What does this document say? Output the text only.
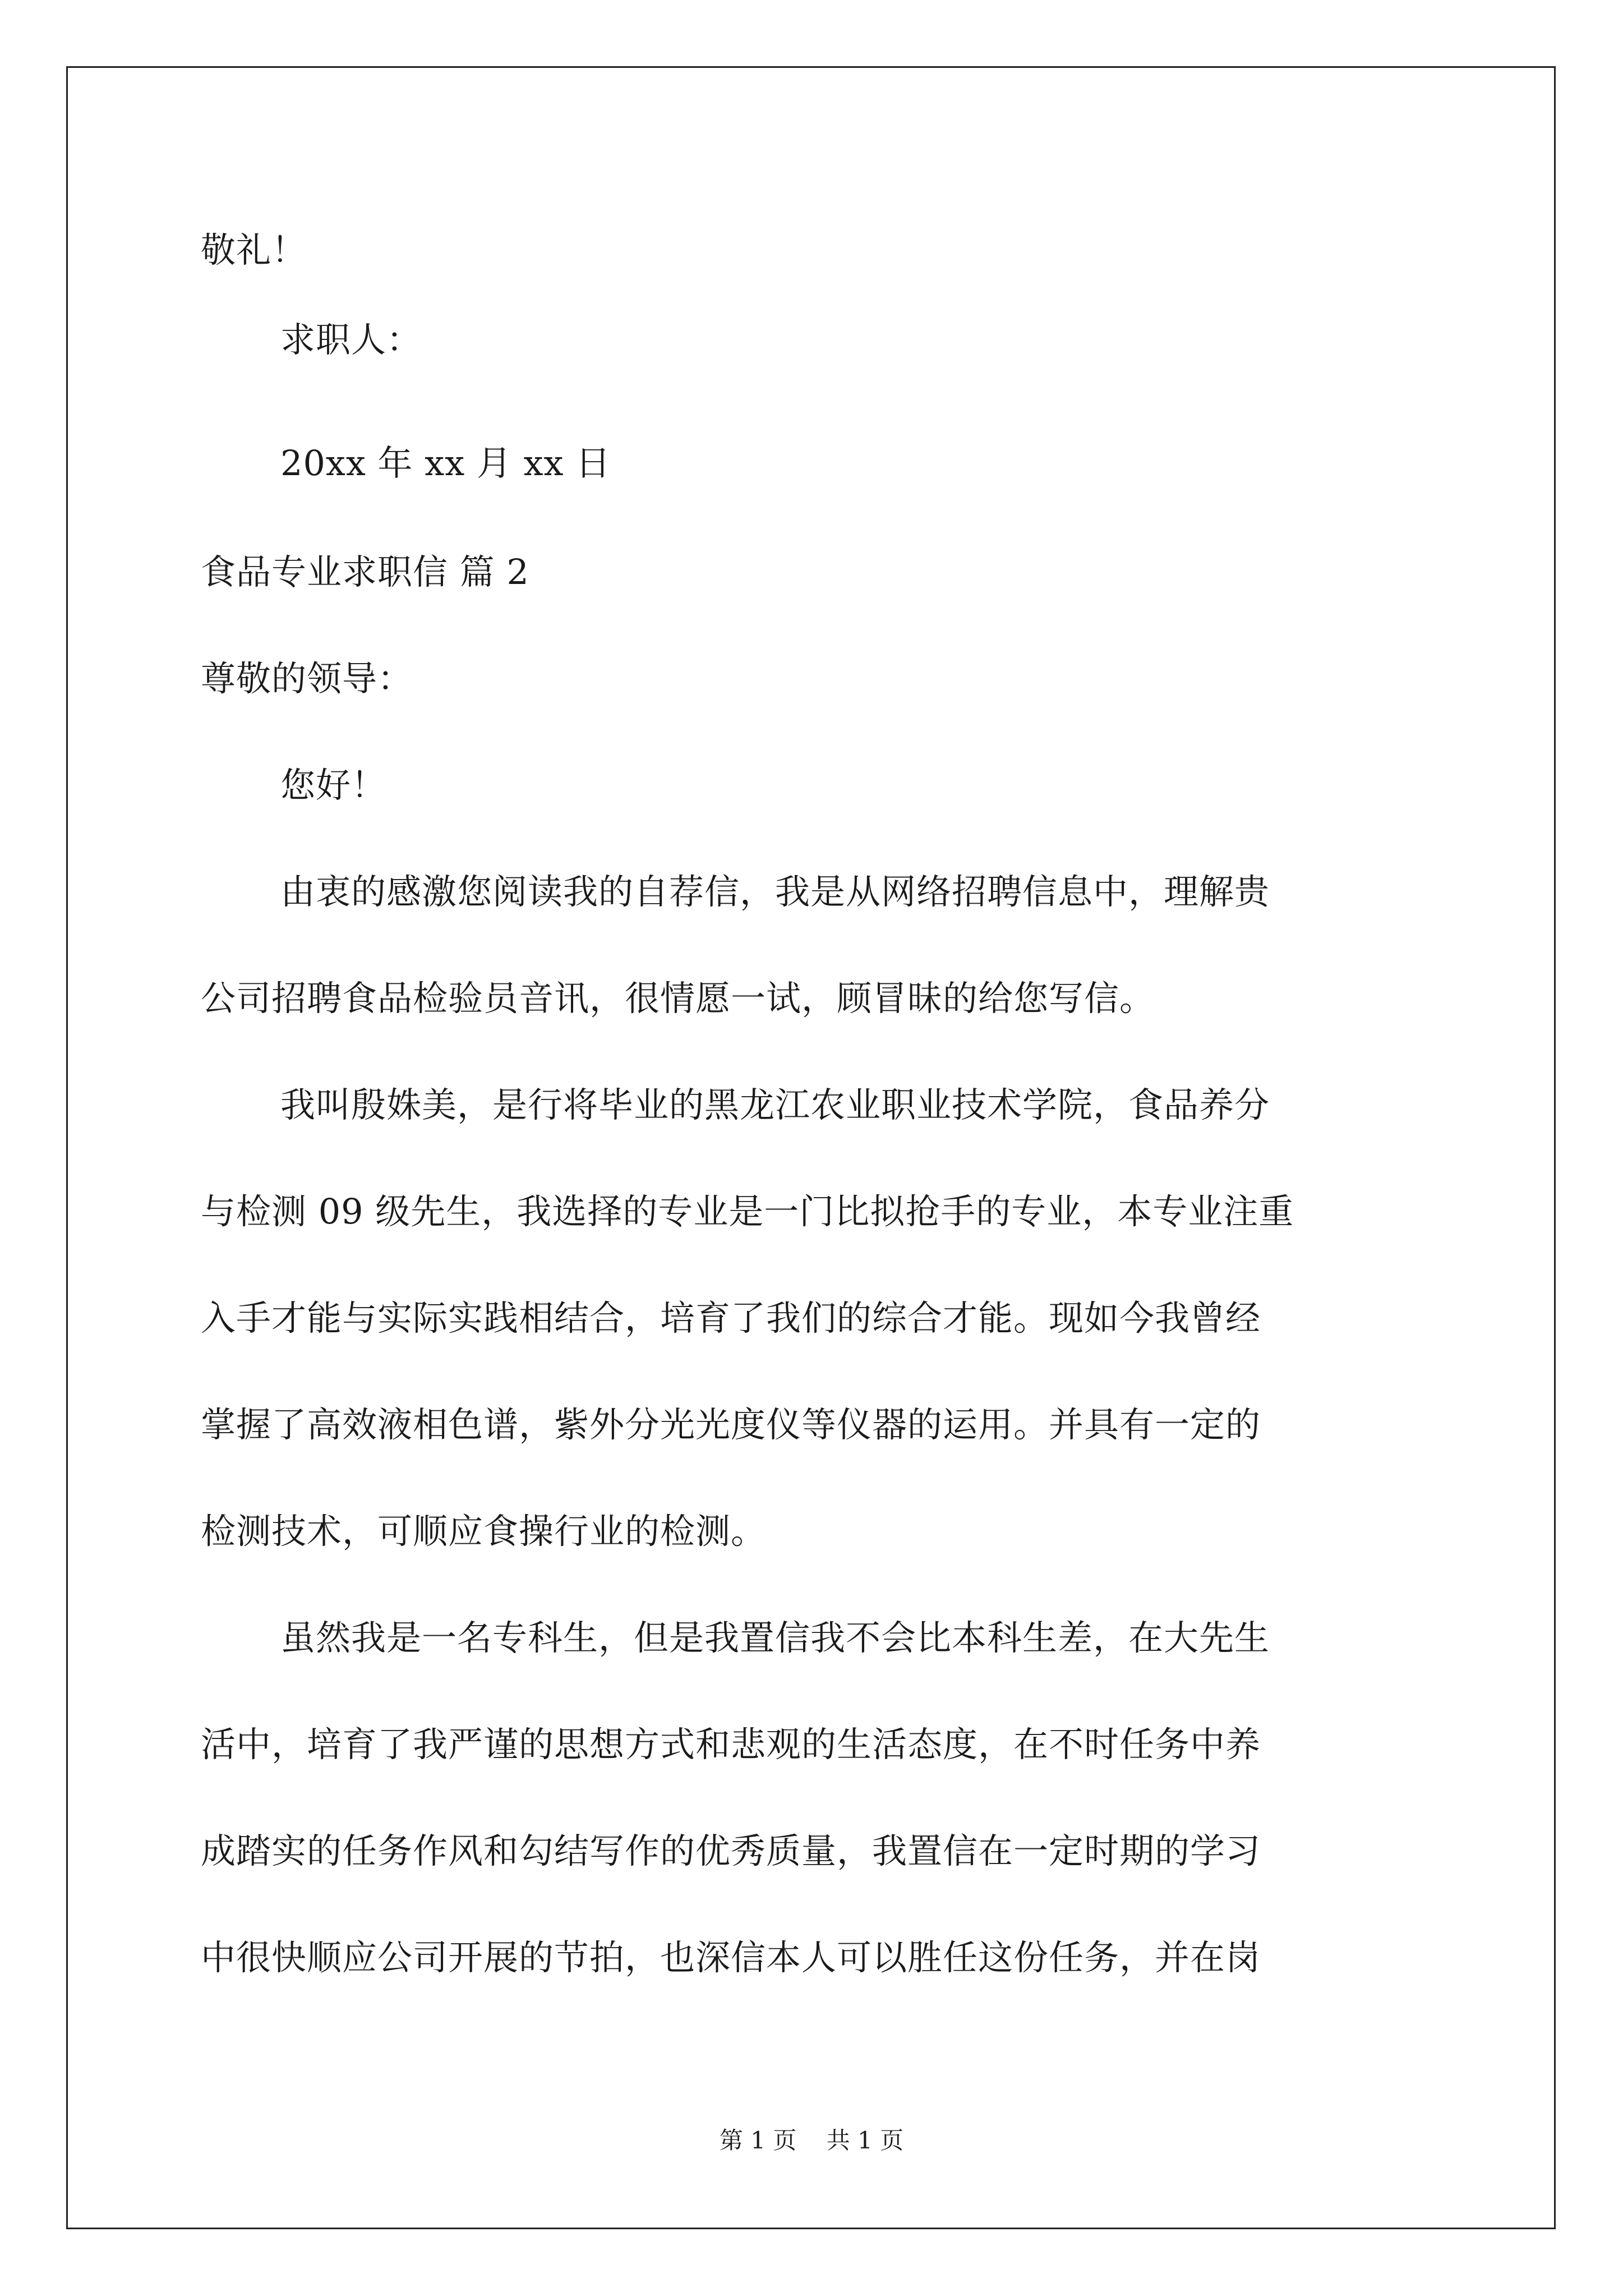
敬礼！
求职人：
20xx 年 xx 月 xx 日
食品专业求职信 篇 2
尊敬的领导：
您好！
由衷的感激您阅读我的自荐信，我是从网络招聘信息中，理解贵
公司招聘食品检验员音讯，很情愿一试，顾冒昧的给您写信。
我叫殷姝美，是行将毕业的黑龙江农业职业技术学院，食品养分
与检测 09 级先生，我选择的专业是一门比拟抢手的专业，本专业注重
入手才能与实际实践相结合，培育了我们的综合才能。现如今我曾经
掌握了高效液相色谱，紫外分光光度仪等仪器的运用。并具有一定的
检测技术，可顺应食操行业的检测。
虽然我是一名专科生，但是我置信我不会比本科生差，在大先生
活中，培育了我严谨的思想方式和悲观的生活态度，在不时任务中养
成踏实的任务作风和勾结写作的优秀质量，我置信在一定时期的学习
中很快顺应公司开展的节拍，也深信本人可以胜任这份任务，并在岗
第 1 页    共 1 页
